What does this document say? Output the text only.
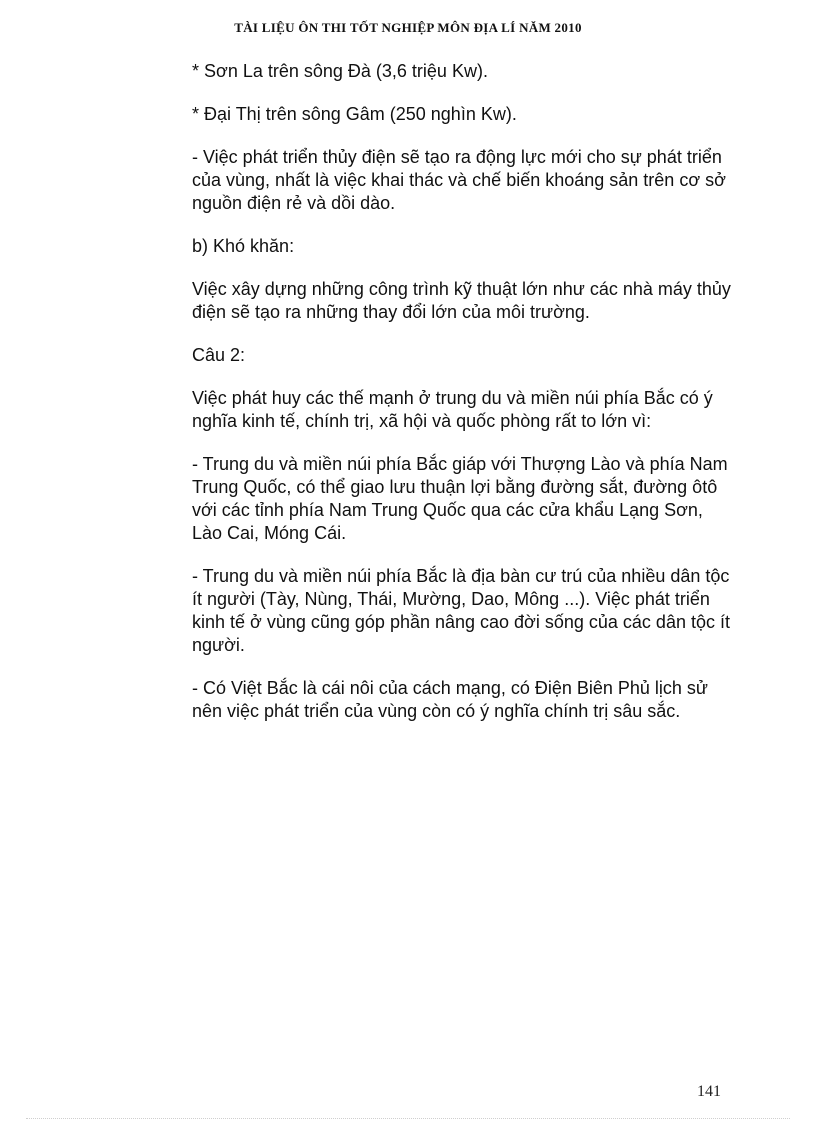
TÀI LIỆU ÔN THI TỐT NGHIỆP MÔN ĐỊA LÍ NĂM 2010

* Sơn La trên sông Đà (3,6 triệu Kw).

* Đại Thị trên sông Gâm (250 nghìn Kw).

- Việc phát triển thủy điện sẽ tạo ra động lực mới cho sự phát triển của vùng, nhất là việc khai thác và chế biến khoáng sản trên cơ sở nguồn điện rẻ và dồi dào.

b) Khó khăn:

Việc xây dựng những công trình kỹ thuật lớn như các nhà máy thủy điện sẽ tạo ra những thay đổi lớn của môi trường.

Câu 2:

Việc phát huy các thế mạnh ở trung du và miền núi phía Bắc có ý nghĩa kinh tế, chính trị, xã hội và quốc phòng rất to lớn vì:

- Trung du và miền núi phía Bắc giáp với Thượng Lào và phía Nam Trung Quốc, có thể giao lưu thuận lợi bằng đường sắt, đường ôtô với các tỉnh phía Nam Trung Quốc qua các cửa khẩu Lạng Sơn, Lào Cai, Móng Cái.

- Trung du và miền núi phía Bắc là địa bàn cư trú của nhiều dân tộc ít người (Tày, Nùng, Thái, Mường, Dao, Mông ...). Việc phát triển kinh tế ở vùng cũng góp phần nâng cao đời sống của các dân tộc ít người.

- Có Việt Bắc là cái nôi của cách mạng, có Điện Biên Phủ lịch sử nên việc phát triển của vùng còn có ý nghĩa chính trị sâu sắc.

141
